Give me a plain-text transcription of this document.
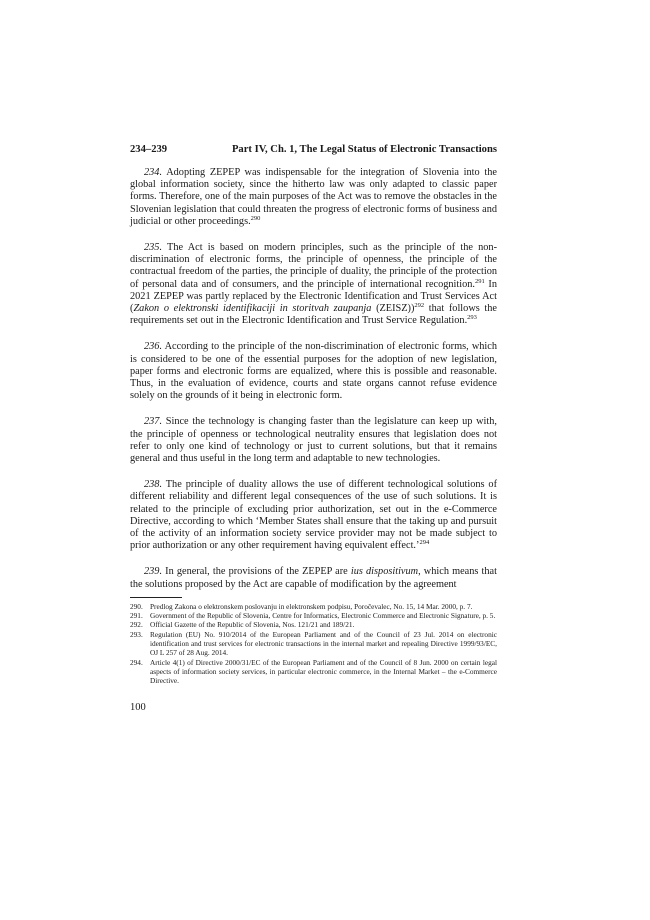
234–239	Part IV, Ch. 1, The Legal Status of Electronic Transactions

234. Adopting ZEPEP was indispensable for the integration of Slovenia into the global information society, since the hitherto law was only adapted to classic paper forms. Therefore, one of the main purposes of the Act was to remove the obstacles in the Slovenian legislation that could threaten the progress of electronic forms of business and judicial or other proceedings.$^{290}$

235. The Act is based on modern principles, such as the principle of the non-discrimination of electronic forms, the principle of openness, the principle of the contractual freedom of the parties, the principle of duality, the principle of the protection of personal data and of consumers, and the principle of international recognition.$^{291}$ In 2021 ZEPEP was partly replaced by the Electronic Identification and Trust Services Act (Zakon o elektronski identifikaciji in storitvah zaupanja (ZEISZ))$^{292}$ that follows the requirements set out in the Electronic Identification and Trust Service Regulation.$^{293}$

236. According to the principle of the non-discrimination of electronic forms, which is considered to be one of the essential purposes for the adoption of new legislation, paper forms and electronic forms are equalized, where this is possible and reasonable. Thus, in the evaluation of evidence, courts and state organs cannot refuse evidence solely on the grounds of it being in electronic form.

237. Since the technology is changing faster than the legislature can keep up with, the principle of openness or technological neutrality ensures that legislation does not refer to only one kind of technology or just to current solutions, but that it remains general and thus useful in the long term and adaptable to new technologies.

238. The principle of duality allows the use of different technological solutions of different reliability and different legal consequences of the use of such solutions. It is related to the principle of excluding prior authorization, set out in the e-Commerce Directive, according to which ‘Member States shall ensure that the taking up and pursuit of the activity of an information society service provider may not be made subject to prior authorization or any other requirement having equivalent effect.’$^{294}$

239. In general, the provisions of the ZEPEP are ius dispositivum, which means that the solutions proposed by the Act are capable of modification by the agreement

290. Predlog Zakona o elektronskem poslovanju in elektronskem podpisu, Poročevalec, No. 15, 14 Mar. 2000, p. 7.
291. Government of the Republic of Slovenia, Centre for Informatics, Electronic Commerce and Electronic Signature, p. 5.
292. Official Gazette of the Republic of Slovenia, Nos. 121/21 and 189/21.
293. Regulation (EU) No. 910/2014 of the European Parliament and of the Council of 23 Jul. 2014 on electronic identification and trust services for electronic transactions in the internal market and repealing Directive 1999/93/EC, OJ L 257 of 28 Aug. 2014.
294. Article 4(1) of Directive 2000/31/EC of the European Parliament and of the Council of 8 Jun. 2000 on certain legal aspects of information society services, in particular electronic commerce, in the Internal Market – the e-Commerce Directive.
100
